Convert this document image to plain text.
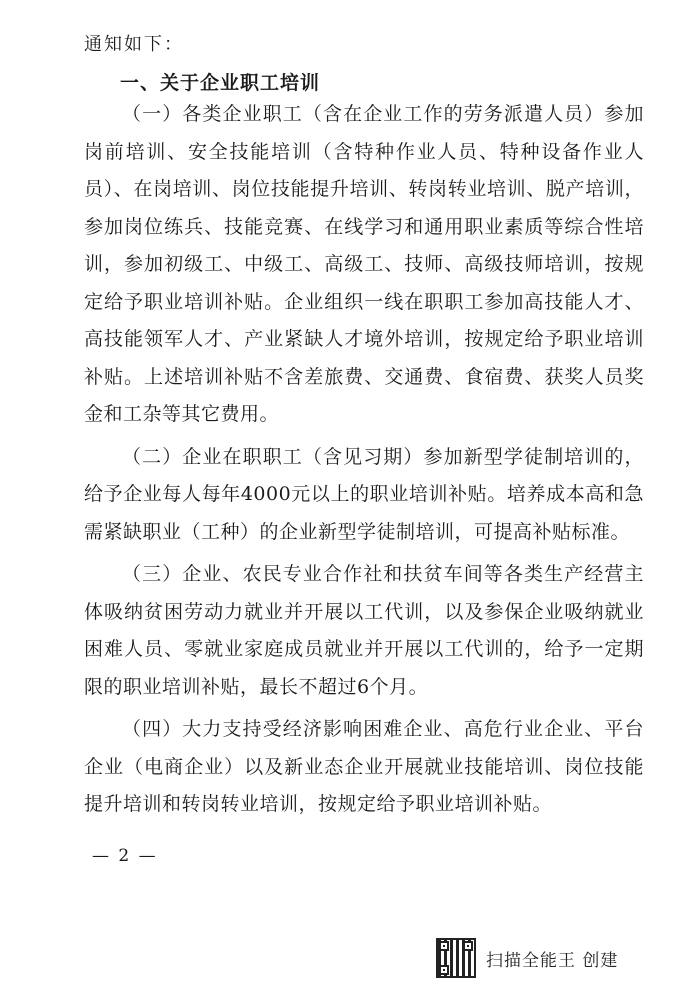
通知如下：
一、关于企业职工培训

（一）各类企业职工（含在企业工作的劳务派遣人员）参加岗前培训、安全技能培训（含特种作业人员、特种设备作业人员）、在岗培训、岗位技能提升培训、转岗转业培训、脱产培训，参加岗位练兵、技能竞赛、在线学习和通用职业素质等综合性培训，参加初级工、中级工、高级工、技师、高级技师培训，按规定给予职业培训补贴。企业组织一线在职职工参加高技能人才、高技能领军人才、产业紧缺人才境外培训，按规定给予职业培训补贴。上述培训补贴不含差旅费、交通费、食宿费、获奖人员奖金和工杂等其它费用。

（二）企业在职职工（含见习期）参加新型学徒制培训的，给予企业每人每年4000元以上的职业培训补贴。培养成本高和急需紧缺职业（工种）的企业新型学徒制培训，可提高补贴标准。

（三）企业、农民专业合作社和扶贫车间等各类生产经营主体吸纳贫困劳动力就业并开展以工代训，以及参保企业吸纳就业困难人员、零就业家庭成员就业并开展以工代训的，给予一定期限的职业培训补贴，最长不超过6个月。

（四）大力支持受经济影响困难企业、高危行业企业、平台企业（电商企业）以及新业态企业开展就业技能培训、岗位技能提升培训和转岗转业培训，按规定给予职业培训补贴。

— 2 —
扫描全能王 创建
